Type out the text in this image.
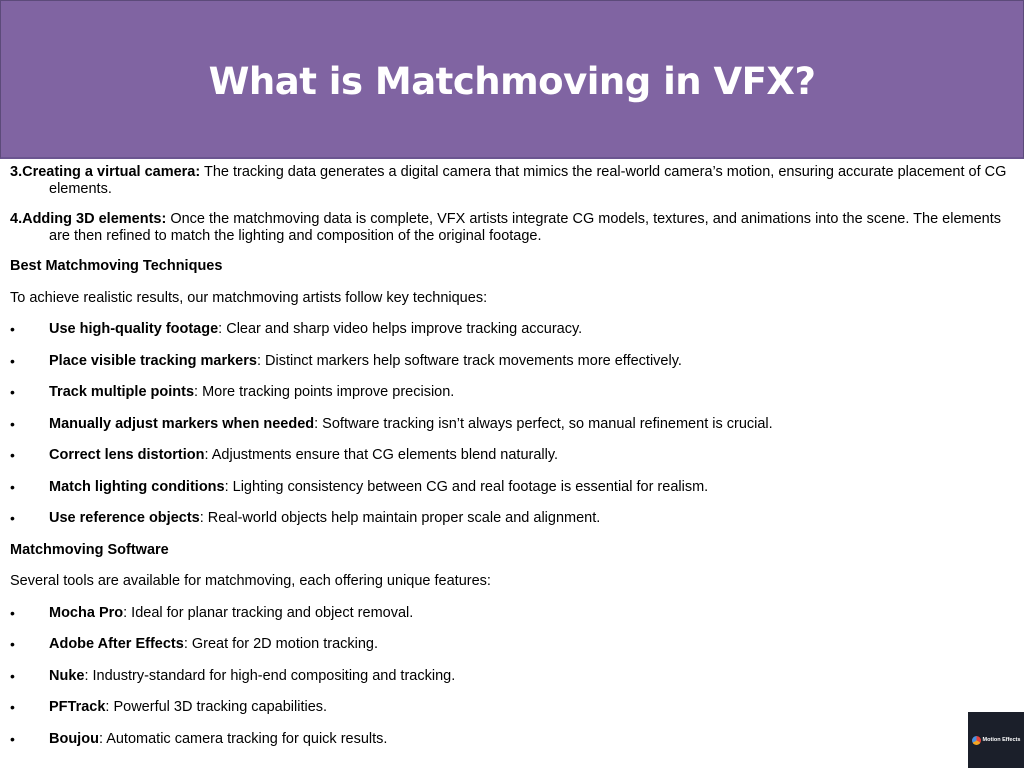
What is Matchmoving in VFX?

3.Creating a virtual camera: The tracking data generates a digital camera that mimics the real-world camera’s motion, ensuring accurate placement of CG elements.

4.Adding 3D elements: Once the matchmoving data is complete, VFX artists integrate CG models, textures, and animations into the scene. The elements are then refined to match the lighting and composition of the original footage.

Best Matchmoving Techniques

To achieve realistic results, our matchmoving artists follow key techniques:

• Use high-quality footage: Clear and sharp video helps improve tracking accuracy.
• Place visible tracking markers: Distinct markers help software track movements more effectively.
• Track multiple points: More tracking points improve precision.
• Manually adjust markers when needed: Software tracking isn’t always perfect, so manual refinement is crucial.
• Correct lens distortion: Adjustments ensure that CG elements blend naturally.
• Match lighting conditions: Lighting consistency between CG and real footage is essential for realism.
• Use reference objects: Real-world objects help maintain proper scale and alignment.

Matchmoving Software

Several tools are available for matchmoving, each offering unique features:

• Mocha Pro: Ideal for planar tracking and object removal.
• Adobe After Effects: Great for 2D motion tracking.
• Nuke: Industry-standard for high-end compositing and tracking.
• PFTrack: Powerful 3D tracking capabilities.
• Boujou: Automatic camera tracking for quick results.	Motion Effects
